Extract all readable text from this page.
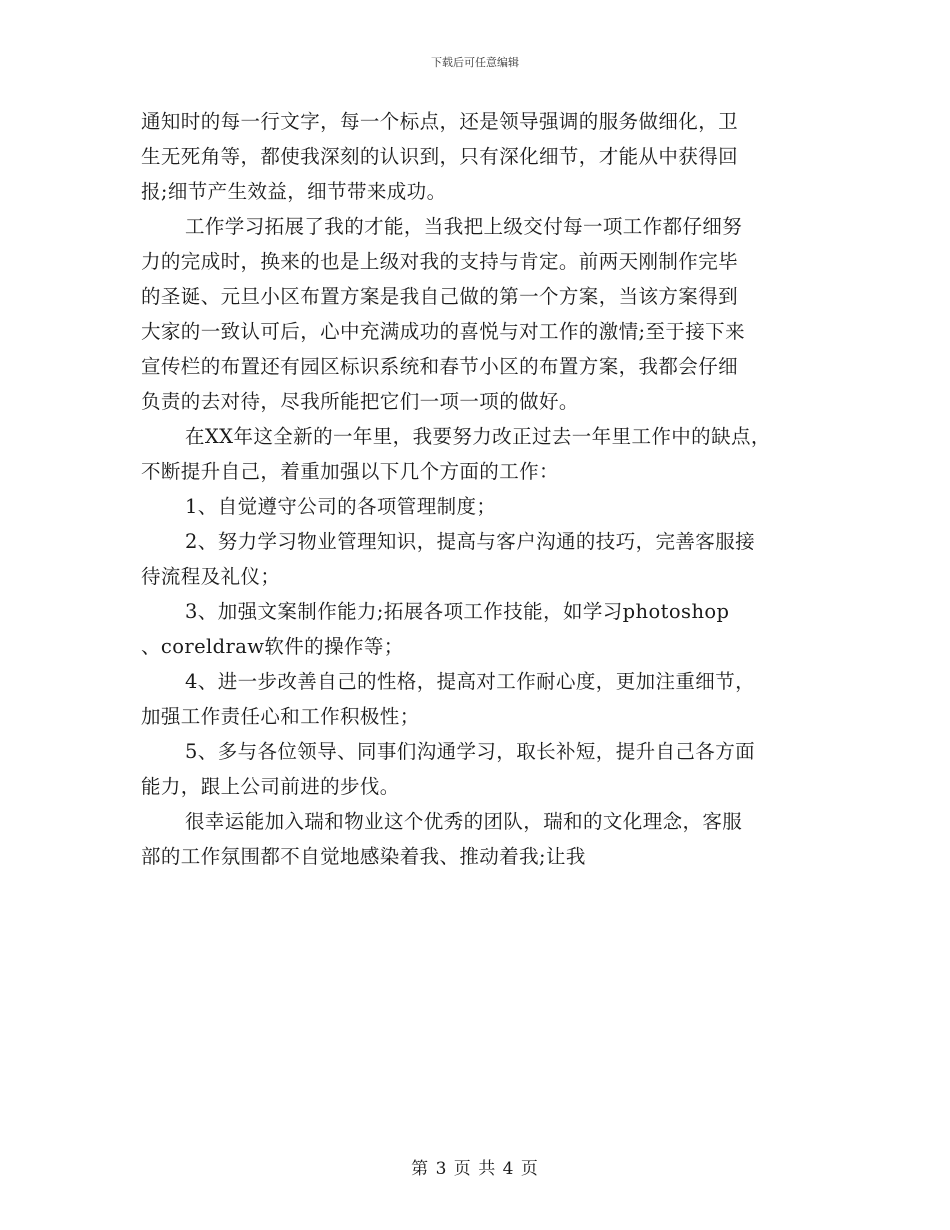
下载后可任意编辑
通知时的每一行文字，每一个标点，还是领导强调的服务做细化，卫
生无死角等，都使我深刻的认识到，只有深化细节，才能从中获得回
报;细节产生效益，细节带来成功。
工作学习拓展了我的才能，当我把上级交付每一项工作都仔细努
力的完成时，换来的也是上级对我的支持与肯定。前两天刚制作完毕
的圣诞、元旦小区布置方案是我自己做的第一个方案，当该方案得到
大家的一致认可后，心中充满成功的喜悦与对工作的激情;至于接下来
宣传栏的布置还有园区标识系统和春节小区的布置方案，我都会仔细
负责的去对待，尽我所能把它们一项一项的做好。
在XX年这全新的一年里，我要努力改正过去一年里工作中的缺点，
不断提升自己，着重加强以下几个方面的工作：
1、自觉遵守公司的各项管理制度；
2、努力学习物业管理知识，提高与客户沟通的技巧，完善客服接
待流程及礼仪；
3、加强文案制作能力;拓展各项工作技能，如学习photoshop
、coreldraw软件的操作等；
4、进一步改善自己的性格，提高对工作耐心度，更加注重细节，
加强工作责任心和工作积极性；
5、多与各位领导、同事们沟通学习，取长补短，提升自己各方面
能力，跟上公司前进的步伐。
很幸运能加入瑞和物业这个优秀的团队，瑞和的文化理念，客服
部的工作氛围都不自觉地感染着我、推动着我;让我
第 3 页 共 4 页
